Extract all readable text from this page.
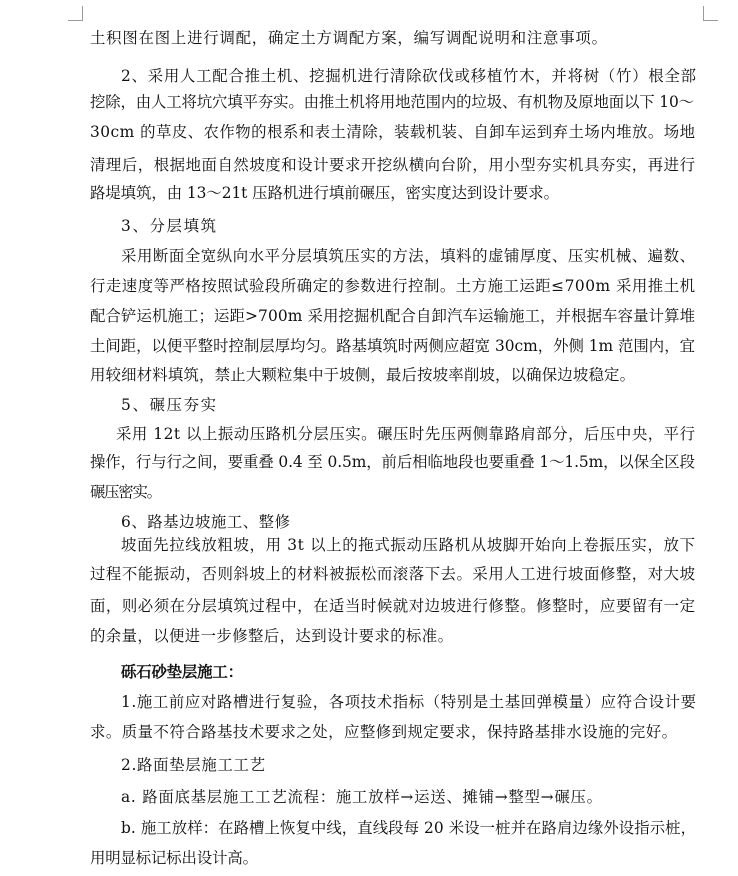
土积图在图上进行调配，确定土方调配方案，编写调配说明和注意事项。
2、采用人工配合推土机、挖掘机进行清除砍伐或移植竹木，并将树（竹）根全部
挖除，由人工将坑穴填平夯实。由推土机将用地范围内的垃圾、有机物及原地面以下 10～
30cm 的草皮、农作物的根系和表土清除，装载机装、自卸车运到弃土场内堆放。场地
清理后，根据地面自然坡度和设计要求开挖纵横向台阶，用小型夯实机具夯实，再进行
路堤填筑，由 13～21t 压路机进行填前碾压，密实度达到设计要求。
3、分层填筑
采用断面全宽纵向水平分层填筑压实的方法，填料的虚铺厚度、压实机械、遍数、
行走速度等严格按照试验段所确定的参数进行控制。土方施工运距≤700m 采用推土机
配合铲运机施工；运距>700m 采用挖掘机配合自卸汽车运输施工，并根据车容量计算堆
土间距，以便平整时控制层厚均匀。路基填筑时两侧应超宽 30cm，外侧 1m 范围内，宜
用较细材料填筑，禁止大颗粒集中于坡侧，最后按坡率削坡，以确保边坡稳定。
5、碾压夯实
采用 12t 以上振动压路机分层压实。碾压时先压两侧靠路肩部分，后压中央，平行
操作，行与行之间，要重叠 0.4 至 0.5m，前后相临地段也要重叠 1～1.5m，以保全区段
碾压密实。
6、路基边坡施工、整修
坡面先拉线放粗坡，用 3t 以上的拖式振动压路机从坡脚开始向上卷振压实，放下
过程不能振动，否则斜坡上的材料被振松而滚落下去。采用人工进行坡面修整，对大坡
面，则必须在分层填筑过程中，在适当时候就对边坡进行修整。修整时，应要留有一定
的余量，以便进一步修整后，达到设计要求的标准。
砾石砂垫层施工：
1.施工前应对路槽进行复验，各项技术指标（特别是土基回弹模量）应符合设计要
求。质量不符合路基技术要求之处，应整修到规定要求，保持路基排水设施的完好。
2.路面垫层施工工艺
a. 路面底基层施工工艺流程：施工放样→运送、摊铺→整型→碾压。
b. 施工放样：在路槽上恢复中线，直线段每 20 米设一桩并在路肩边缘外设指示桩，
用明显标记标出设计高。
